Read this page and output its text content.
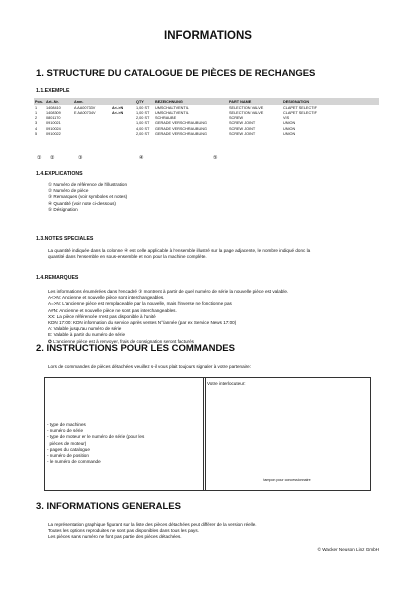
INFORMATIONS
1. STRUCTURE DU CATALOGUE DE PIÈCES DE RECHANGES
1.1.EXEMPLE
Pos.	Art.-Nr.	Anm.		QTY	BEZEICHNUNG	PART NAME	DESIGNATION
1	1408410	A AA00733V	A<->N	1,00 ST	UMSCHALTVENTIL	SELECTION VALVE	CLAPET SELECTIF
1	1408309	E AA00734V	A<->N	1,00 ST	UMSCHALTVENTIL	SELECTION VALVE	CLAPET SELECTIF
2	0801170			2,00 ST	SCHRAUBE	SCREW	VIS
3	0910021			1,00 ST	GERADE VERSCHRAUBUNG	SCREW JOINT	UNION
4	0910024			4,00 ST	GERADE VERSCHRAUBUNG	SCREW JOINT	UNION
5	0910022			2,00 ST	GERADE VERSCHRAUBUNG	SCREW JOINT	UNION
① ②	③	④	⑤
1.4.EXPLICATIONS
① Numéro de référence de l'illustration
② Numéro de pièce
③ Remarques (voir symboles et notes)
④ Quantité (voir note ci-dessous)
⑤ Désignation
1.3.NOTES SPECIALES
La quantité indiquée dans la colonne ④ est celle applicable à l'ensemble illustré sur la page adjacente, le nombre indiqué donc la
quantité dans l'ensemble en sous-ensemble et non pour la machine complète.
1.4.REMARQUES
Les informations énumérées dans l'encadré ③ montrent à partir de quel numéro de série la nouvelle pièce est valable.
A<>N: Ancienne et nouvelle pièce sont interchangeables.
A=>N: L'ancienne pièce est remplaceable par la nouvelle, mais l'inverse ne fonctionne pas
A#N: Ancienne et nouvelle pièce ne sont pas interchangeables.
XX: La pièce référencée n'est pas disponible à l'unité
KDN 17:00: KDN information du service après ventes N°/année (par ex Service News 17:00)
A: Valable jusqu'au numéro de série
E: Valable à partir du numéro de série
✪ L'ancienne pièce est à renvoyer, frais de consignation seront facturés
2. INSTRUCTIONS POUR LES COMMANDES
Lors de commandes de pièces détachées veuillez s-il vous plait toujours signaler à votre partenaire:
- type de machines
- numéro de série
- type de moteur er le numéro de série (pour les
pièces de moteur)
- pages du catalogue
- numéro de position
- le numéro de commande
Votre interlocuteur:
tampon pour concessionnaire
3. INFORMATIONS GENERALES
La représentation graphique figurant sur la liste des pièces détachées peut différer de la version réelle.
Toutes les options reproduites ne sont pas disponibles dans tous les pays.
Les pièces sans numéro ne font pas partie des pièces détachées.
© Wacker Neuson Linz GmbH
